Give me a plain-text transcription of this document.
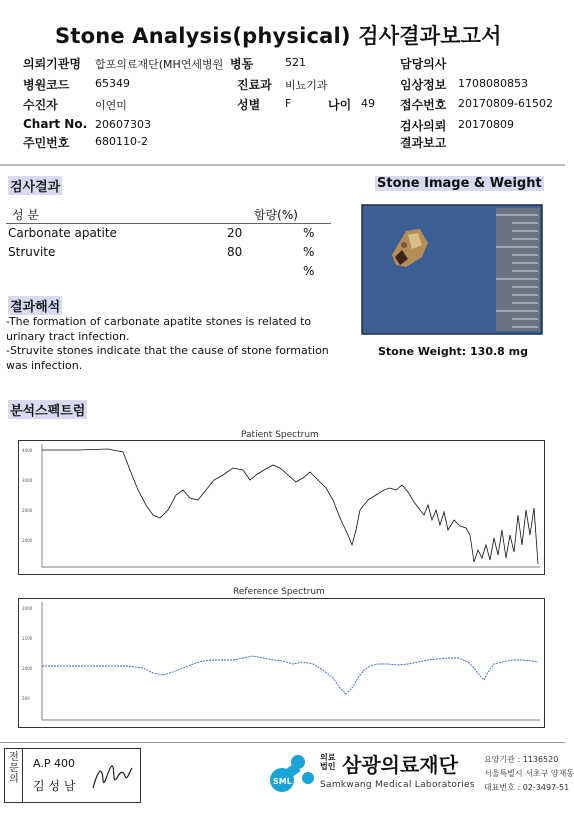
Stone Analysis(physical) 검사결과보고서
의뢰기관명 합포의료재단(MH연세병원 병동	521	담당의사
병원코드 65349	진료과 비뇨기과	임상정보 1708080853
수진자	이연미	성별 F	나이 49 접수번호 20170809-61502
Chart No. 20607303	검사의뢰 20170809
주민번호 680110-2	결과보고
검사결과
성 분	함량(%)
Carbonate apatite	20	%
Struvite	80	%
%
Stone Image & Weight
Stone Weight: 130.8 mg
결과해석
-The formation of carbonate apatite stones is related to urinary tract infection.
-Struvite stones indicate that the cause of stone formation was infection.
분석스펙트럼
Patient Spectrum
4000
3000
2000
1000
Reference Spectrum
2000
1500
1000
500
전문의
A.P 400
김 성 남	SML
의료법인 삼광의료재단
Samkwang Medical Laboratories
요양기관 : 1136520
서울특별시 서초구 양재동
대표번호 : 02-3497-51
